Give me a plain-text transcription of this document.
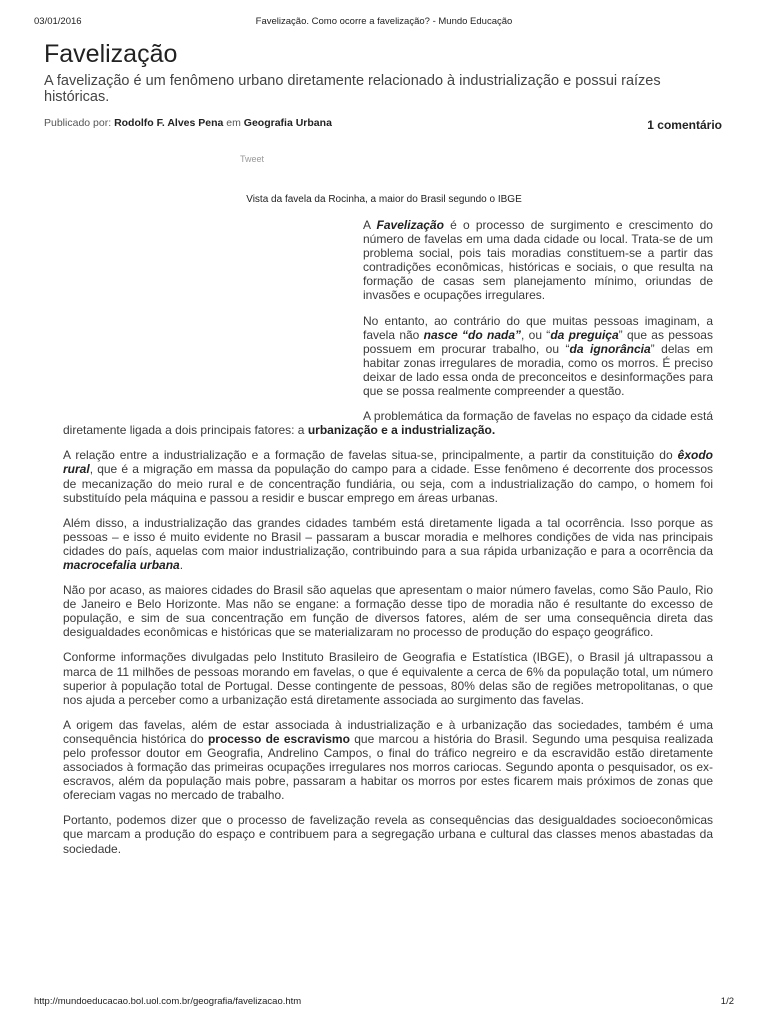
03/01/2016	Favelização. Como ocorre a favelização? - Mundo Educação
Favelização

A favelização é um fenômeno urbano diretamente relacionado à industrialização e possui raízes históricas.

Publicado por: Rodolfo F. Alves Pena em Geografia Urbana	1 comentário
Tweet
Vista da favela da Rocinha, a maior do Brasil segundo o IBGE

A Favelização é o processo de surgimento e crescimento do número de favelas em uma dada cidade ou local. Trata-se de um problema social, pois tais moradias constituem-se a partir das contradições econômicas, históricas e sociais, o que resulta na formação de casas sem planejamento mínimo, oriundas de invasões e ocupações irregulares.

No entanto, ao contrário do que muitas pessoas imaginam, a favela não nasce “do nada”, ou “da preguiça” que as pessoas possuem em procurar trabalho, ou “da ignorância” delas em habitar zonas irregulares de moradia, como os morros. É preciso deixar de lado essa onda de preconceitos e desinformações para que se possa realmente compreender a questão.

A problemática da formação de favelas no espaço da cidade está diretamente ligada a dois principais fatores: a urbanização e a industrialização.

A relação entre a industrialização e a formação de favelas situa-se, principalmente, a partir da constituição do êxodo rural, que é a migração em massa da população do campo para a cidade. Esse fenômeno é decorrente dos processos de mecanização do meio rural e de concentração fundiária, ou seja, com a industrialização do campo, o homem foi substituído pela máquina e passou a residir e buscar emprego em áreas urbanas.

Além disso, a industrialização das grandes cidades também está diretamente ligada a tal ocorrência. Isso porque as pessoas – e isso é muito evidente no Brasil – passaram a buscar moradia e melhores condições de vida nas principais cidades do país, aquelas com maior industrialização, contribuindo para a sua rápida urbanização e para a ocorrência da macrocefalia urbana.

Não por acaso, as maiores cidades do Brasil são aquelas que apresentam o maior número favelas, como São Paulo, Rio de Janeiro e Belo Horizonte. Mas não se engane: a formação desse tipo de moradia não é resultante do excesso de população, e sim de sua concentração em função de diversos fatores, além de ser uma consequência direta das desigualdades econômicas e históricas que se materializaram no processo de produção do espaço geográfico.

Conforme informações divulgadas pelo Instituto Brasileiro de Geografia e Estatística (IBGE), o Brasil já ultrapassou a marca de 11 milhões de pessoas morando em favelas, o que é equivalente a cerca de 6% da população total, um número superior à população total de Portugal. Desse contingente de pessoas, 80% delas são de regiões metropolitanas, o que nos ajuda a perceber como a urbanização está diretamente associada ao surgimento das favelas.

A origem das favelas, além de estar associada à industrialização e à urbanização das sociedades, também é uma consequência histórica do processo de escravismo que marcou a história do Brasil. Segundo uma pesquisa realizada pelo professor doutor em Geografia, Andrelino Campos, o final do tráfico negreiro e da escravidão estão diretamente associados à formação das primeiras ocupações irregulares nos morros cariocas. Segundo aponta o pesquisador, os ex-escravos, além da população mais pobre, passaram a habitar os morros por estes ficarem mais próximos de zonas que ofereciam vagas no mercado de trabalho.

Portanto, podemos dizer que o processo de favelização revela as consequências das desigualdades socioeconômicas que marcam a produção do espaço e contribuem para a segregação urbana e cultural das classes menos abastadas da sociedade.

http://mundoeducacao.bol.uol.com.br/geografia/favelizacao.htm	1/2
